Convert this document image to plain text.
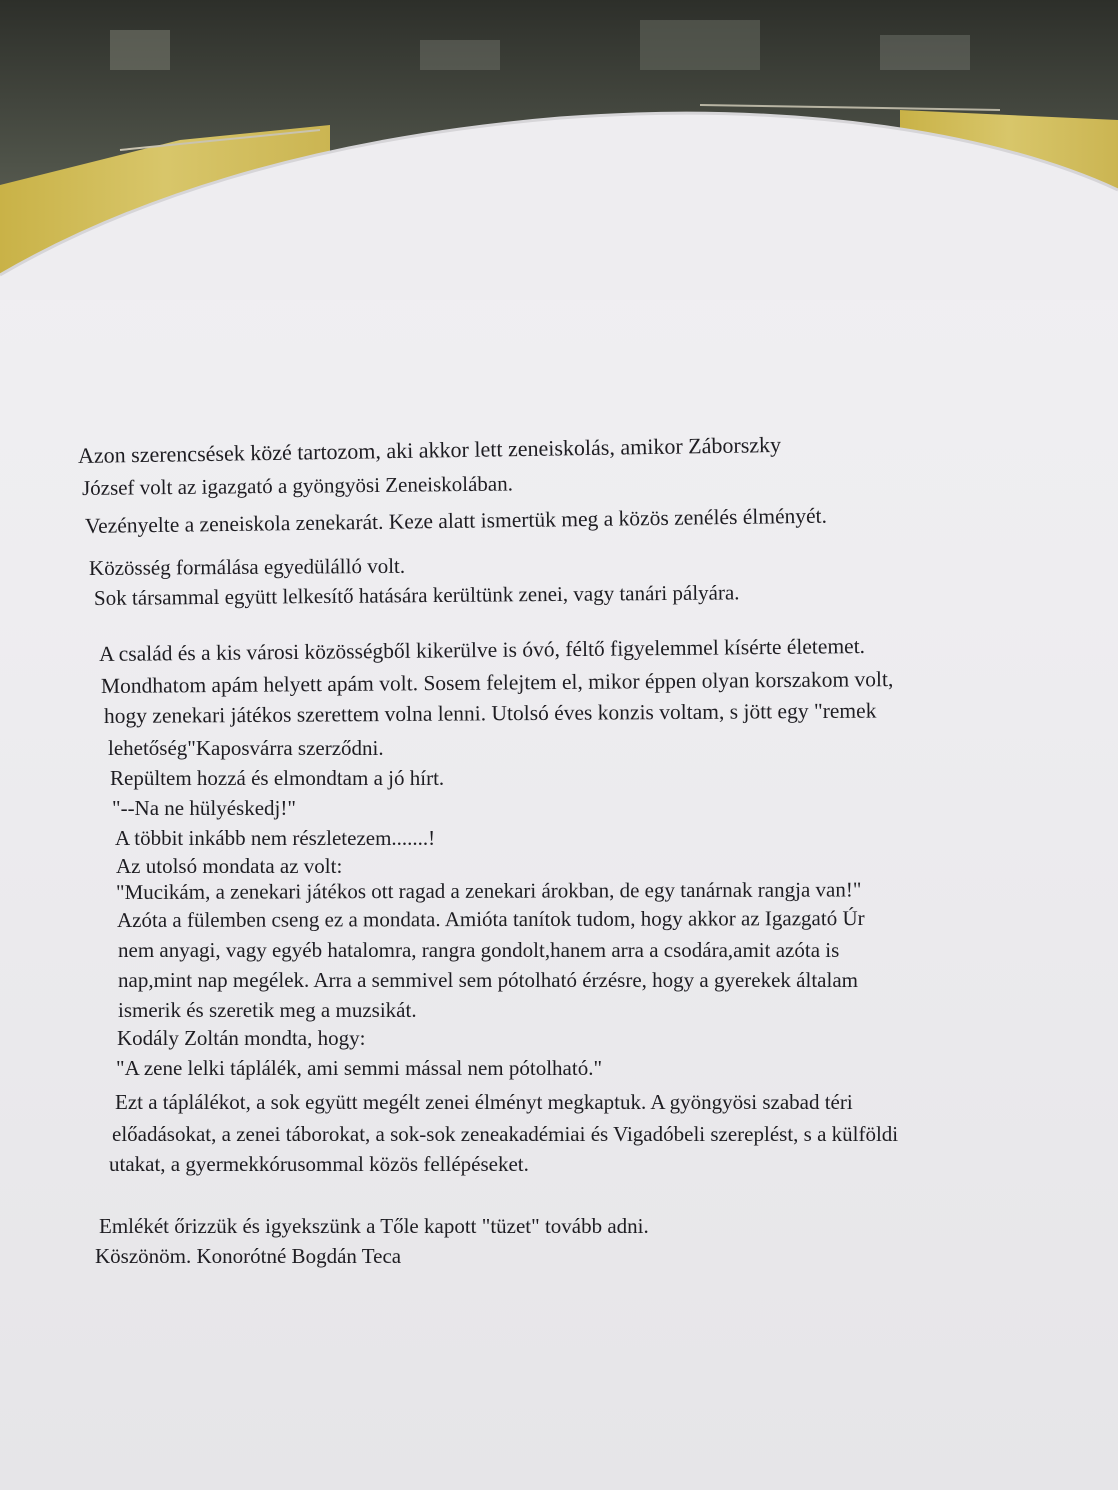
Azon szerencsések közé tartozom, aki akkor lett zeneiskolás, amikor Záborszky
József volt az igazgató a gyöngyösi Zeneiskolában.
Vezényelte a zeneiskola zenekarát. Keze alatt ismertük meg a közös zenélés élményét.
Közösség formálása egyedülálló volt.
Sok társammal együtt lelkesítő hatására kerültünk zenei, vagy tanári pályára.
A család és a kis városi közösségből kikerülve is óvó, féltő figyelemmel kísérte életemet.
Mondhatom apám helyett apám volt. Sosem felejtem el, mikor éppen olyan korszakom volt,
hogy zenekari játékos szerettem volna lenni. Utolsó éves konzis voltam, s jött egy "remek
lehetőség"Kaposvárra szerződni.
Repültem hozzá és elmondtam a jó hírt.
"--Na ne hülyéskedj!"
A többit inkább nem részletezem.......!
Az utolsó mondata az volt:
"Mucikám, a zenekari játékos ott ragad a zenekari árokban, de egy tanárnak rangja van!"
Azóta a fülemben cseng ez a mondata. Amióta tanítok tudom, hogy akkor az Igazgató Úr
nem anyagi, vagy egyéb hatalomra, rangra gondolt,hanem arra a csodára,amit azóta is
nap,mint nap megélek. Arra a semmivel sem pótolható érzésre, hogy a gyerekek általam
ismerik és szeretik meg a muzsikát.
Kodály Zoltán mondta, hogy:
"A zene lelki táplálék, ami semmi mással nem pótolható."
Ezt a táplálékot, a sok együtt megélt zenei élményt megkaptuk. A gyöngyösi szabad téri
előadásokat, a zenei táborokat, a sok-sok zeneakadémiai és Vigadóbeli szereplést, s a külföldi
utakat, a gyermekkórusommal közös fellépéseket.
Emlékét őrizzük és igyekszünk a Tőle kapott "tüzet" tovább adni.
Köszönöm. Konorótné Bogdán Teca
